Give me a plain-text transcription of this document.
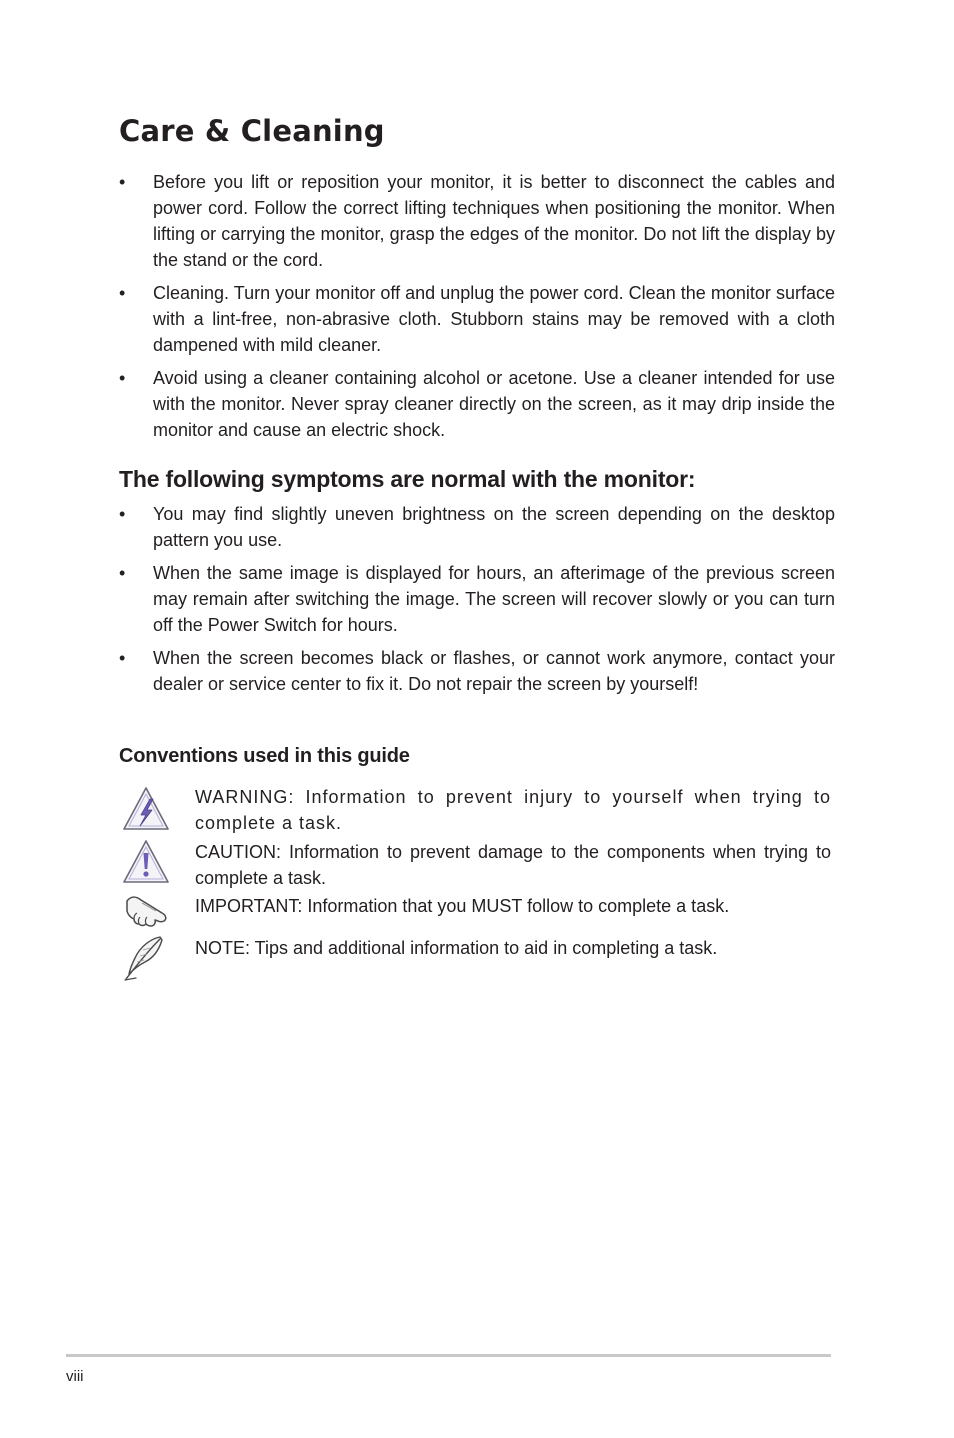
Care & Cleaning
• Before you lift or reposition your monitor, it is better to disconnect the cables and power cord. Follow the correct lifting techniques when positioning the monitor. When lifting or carrying the monitor, grasp the edges of the monitor. Do not lift the display by the stand or the cord.
• Cleaning. Turn your monitor off and unplug the power cord. Clean the monitor surface with a lint-free, non-abrasive cloth. Stubborn stains may be removed with a cloth dampened with mild cleaner.
• Avoid using a cleaner containing alcohol or acetone. Use a cleaner intended for use with the monitor. Never spray cleaner directly on the screen, as it may drip inside the monitor and cause an electric shock.
The following symptoms are normal with the monitor:
• You may find slightly uneven brightness on the screen depending on the desktop pattern you use.
• When the same image is displayed for hours, an afterimage of the previous screen may remain after switching the image. The screen will recover slowly or you can turn off the Power Switch for hours.
• When the screen becomes black or flashes, or cannot work anymore, contact your dealer or service center to fix it. Do not repair the screen by yourself!
Conventions used in this guide
WARNING: Information to prevent injury to yourself when trying to complete a task.
CAUTION: Information to prevent damage to the components when trying to complete a task.
IMPORTANT: Information that you MUST follow to complete a task.
NOTE: Tips and additional information to aid in completing a task.
viii
